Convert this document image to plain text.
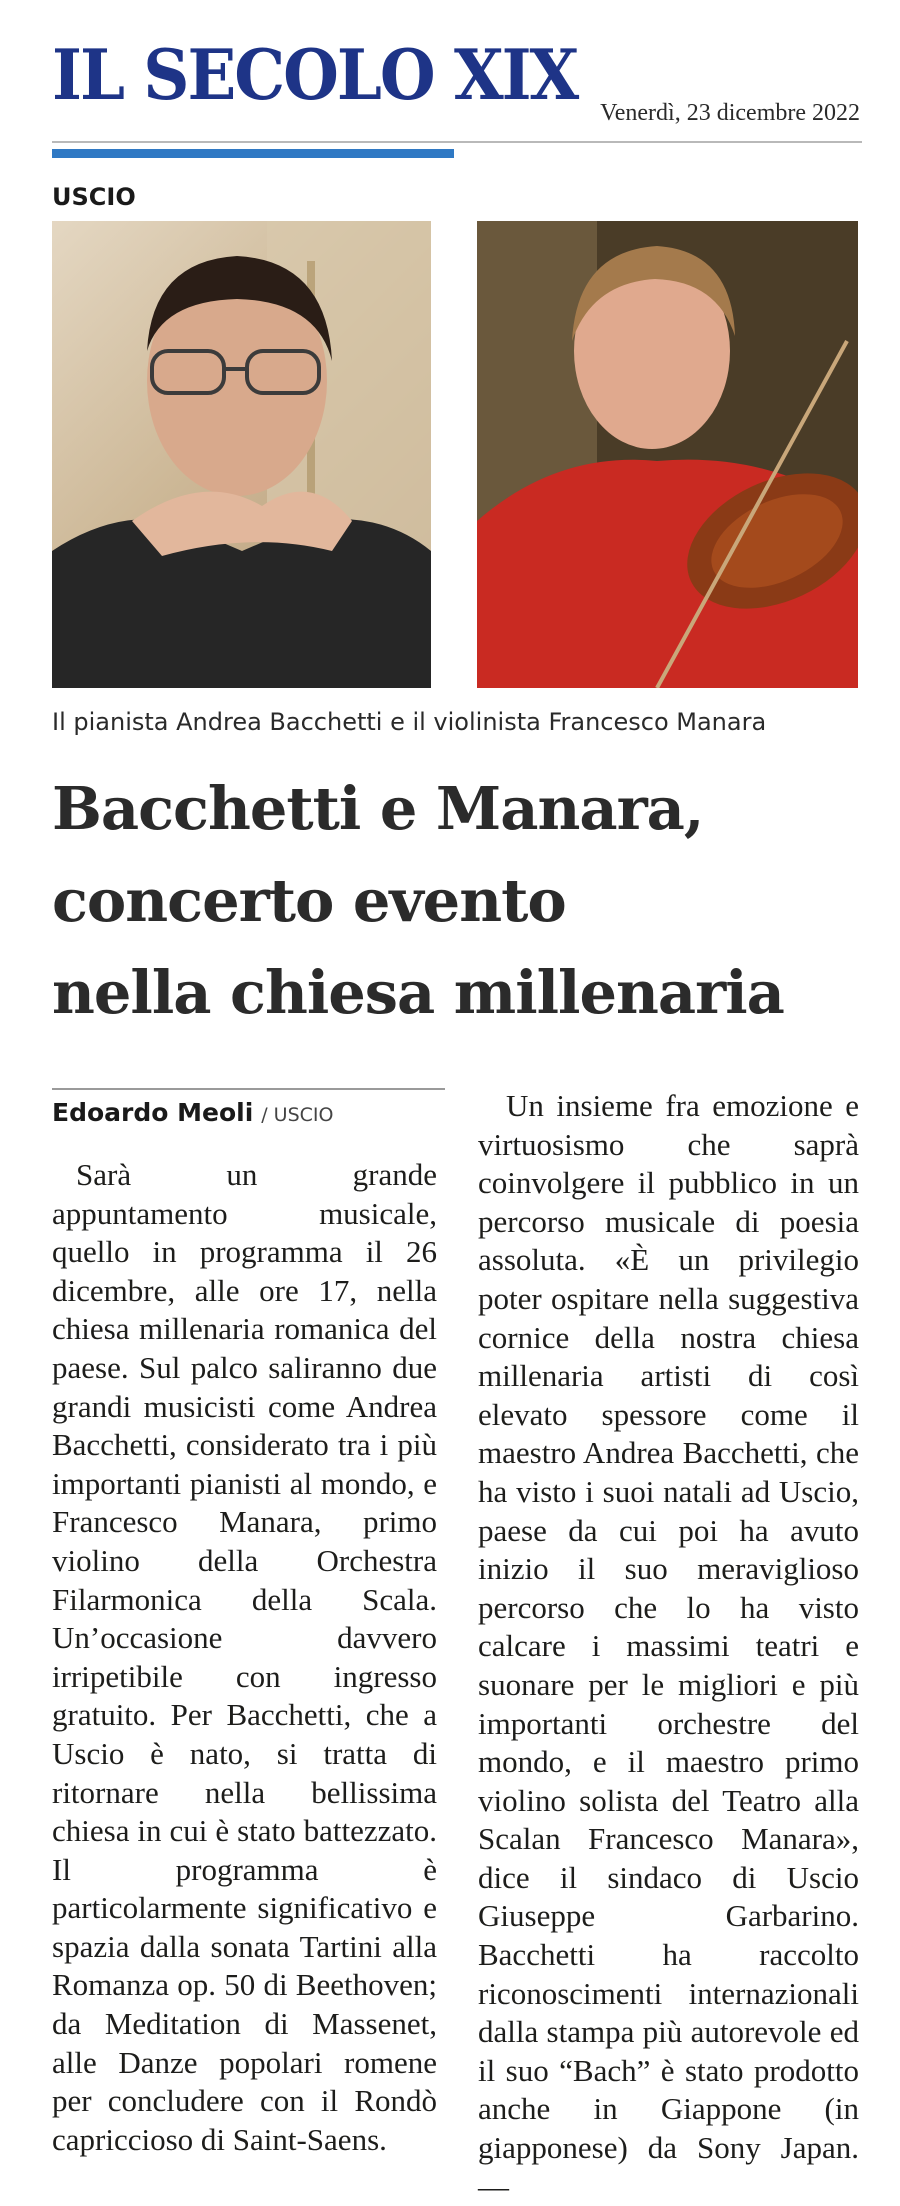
IL SECOLO XIX Venerdì, 23 dicembre 2022
USCIO
Il pianista Andrea Bacchetti e il violinista Francesco Manara
Bacchetti e Manara,
concerto evento
nella chiesa millenaria
Edoardo Meoli / USCIO
Sarà un grande appuntamento musicale, quello in programma il 26 dicembre, alle ore 17, nella chiesa millenaria romanica del paese. Sul palco saliranno due grandi musicisti come Andrea Bacchetti, considerato tra i più importanti pianisti al mondo, e Francesco Manara, primo violino della Orchestra Filarmonica della Scala. Un’occasione davvero irripetibile con ingresso gratuito. Per Bacchetti, che a Uscio è nato, si tratta di ritornare nella bellissima chiesa in cui è stato battezzato. Il programma è particolarmente significativo e spazia dalla sonata Tartini alla Romanza op. 50 di Beethoven; da Meditation di Massenet, alle Danze popolari romene per concludere con il Rondò capriccioso di Saint-Saens.
Un insieme fra emozione e virtuosismo che saprà coinvolgere il pubblico in un percorso musicale di poesia assoluta. «È un privilegio poter ospitare nella suggestiva cornice della nostra chiesa millenaria artisti di così elevato spessore come il maestro Andrea Bacchetti, che ha visto i suoi natali ad Uscio, paese da cui poi ha avuto inizio il suo meraviglioso percorso che lo ha visto calcare i massimi teatri e suonare per le migliori e più importanti orchestre del mondo, e il maestro primo violino solista del Teatro alla Scalan Francesco Manara», dice il sindaco di Uscio Giuseppe Garbarino. Bacchetti ha raccolto riconoscimenti internazionali dalla stampa più autorevole ed il suo “Bach” è stato prodotto anche in Giappone (in giapponese) da Sony Japan. —
